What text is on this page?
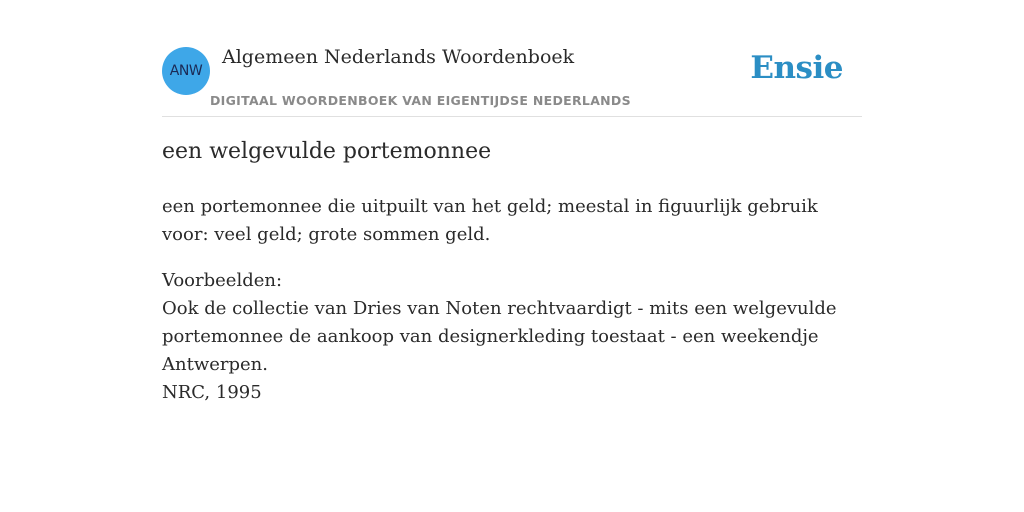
ANW
Algemeen Nederlands Woordenboek
DIGITAAL WOORDENBOEK VAN EIGENTIJDSE NEDERLANDS
Ensie
een welgevulde portemonnee
een portemonnee die uitpuilt van het geld; meestal in figuurlijk gebruik voor: veel geld; grote sommen geld.
Voorbeelden:
Ook de collectie van Dries van Noten rechtvaardigt - mits een welgevulde portemonnee de aankoop van designerkleding toestaat - een weekendje Antwerpen.
NRC, 1995
